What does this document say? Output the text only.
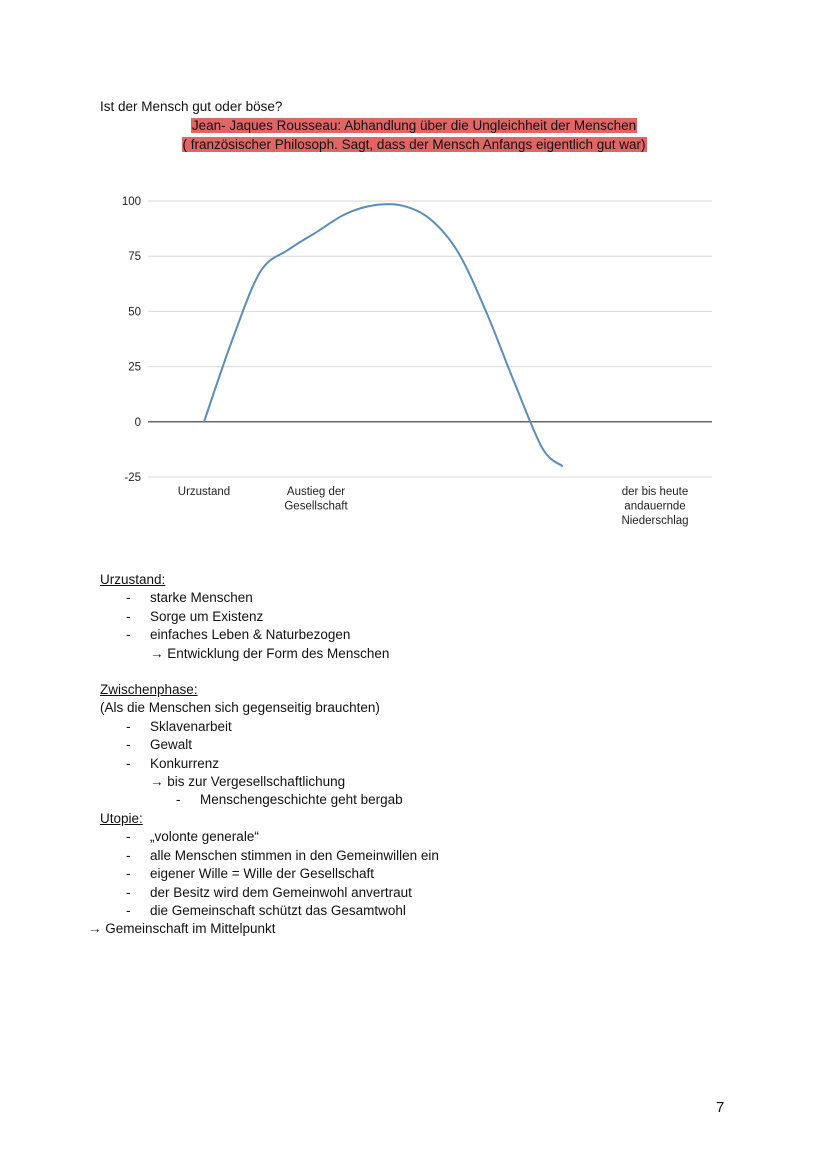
Ist der Mensch gut oder böse?
Jean- Jaques Rousseau: Abhandlung über die Ungleichheit der Menschen
( französischer Philosoph. Sagt, dass der Mensch Anfangs eigentlich gut war)
100
75
50
25
0
-25
Urzustand	Austieg der Gesellschaft
der bis heute andauernde Niederschlag
Urzustand:
- starke Menschen
- Sorge um Existenz
- einfaches Leben & Naturbezogen
→ Entwicklung der Form des Menschen
Zwischenphase:
(Als die Menschen sich gegenseitig brauchten)
- Sklavenarbeit
- Gewalt
- Konkurrenz
→ bis zur Vergesellschaftlichung
- Menschengeschichte geht bergab
Utopie:
- „volonte generale“
- alle Menschen stimmen in den Gemeinwillen ein
- eigener Wille = Wille der Gesellschaft
- der Besitz wird dem Gemeinwohl anvertraut
- die Gemeinschaft schützt das Gesamtwohl
→ Gemeinschaft im Mittelpunkt
7
